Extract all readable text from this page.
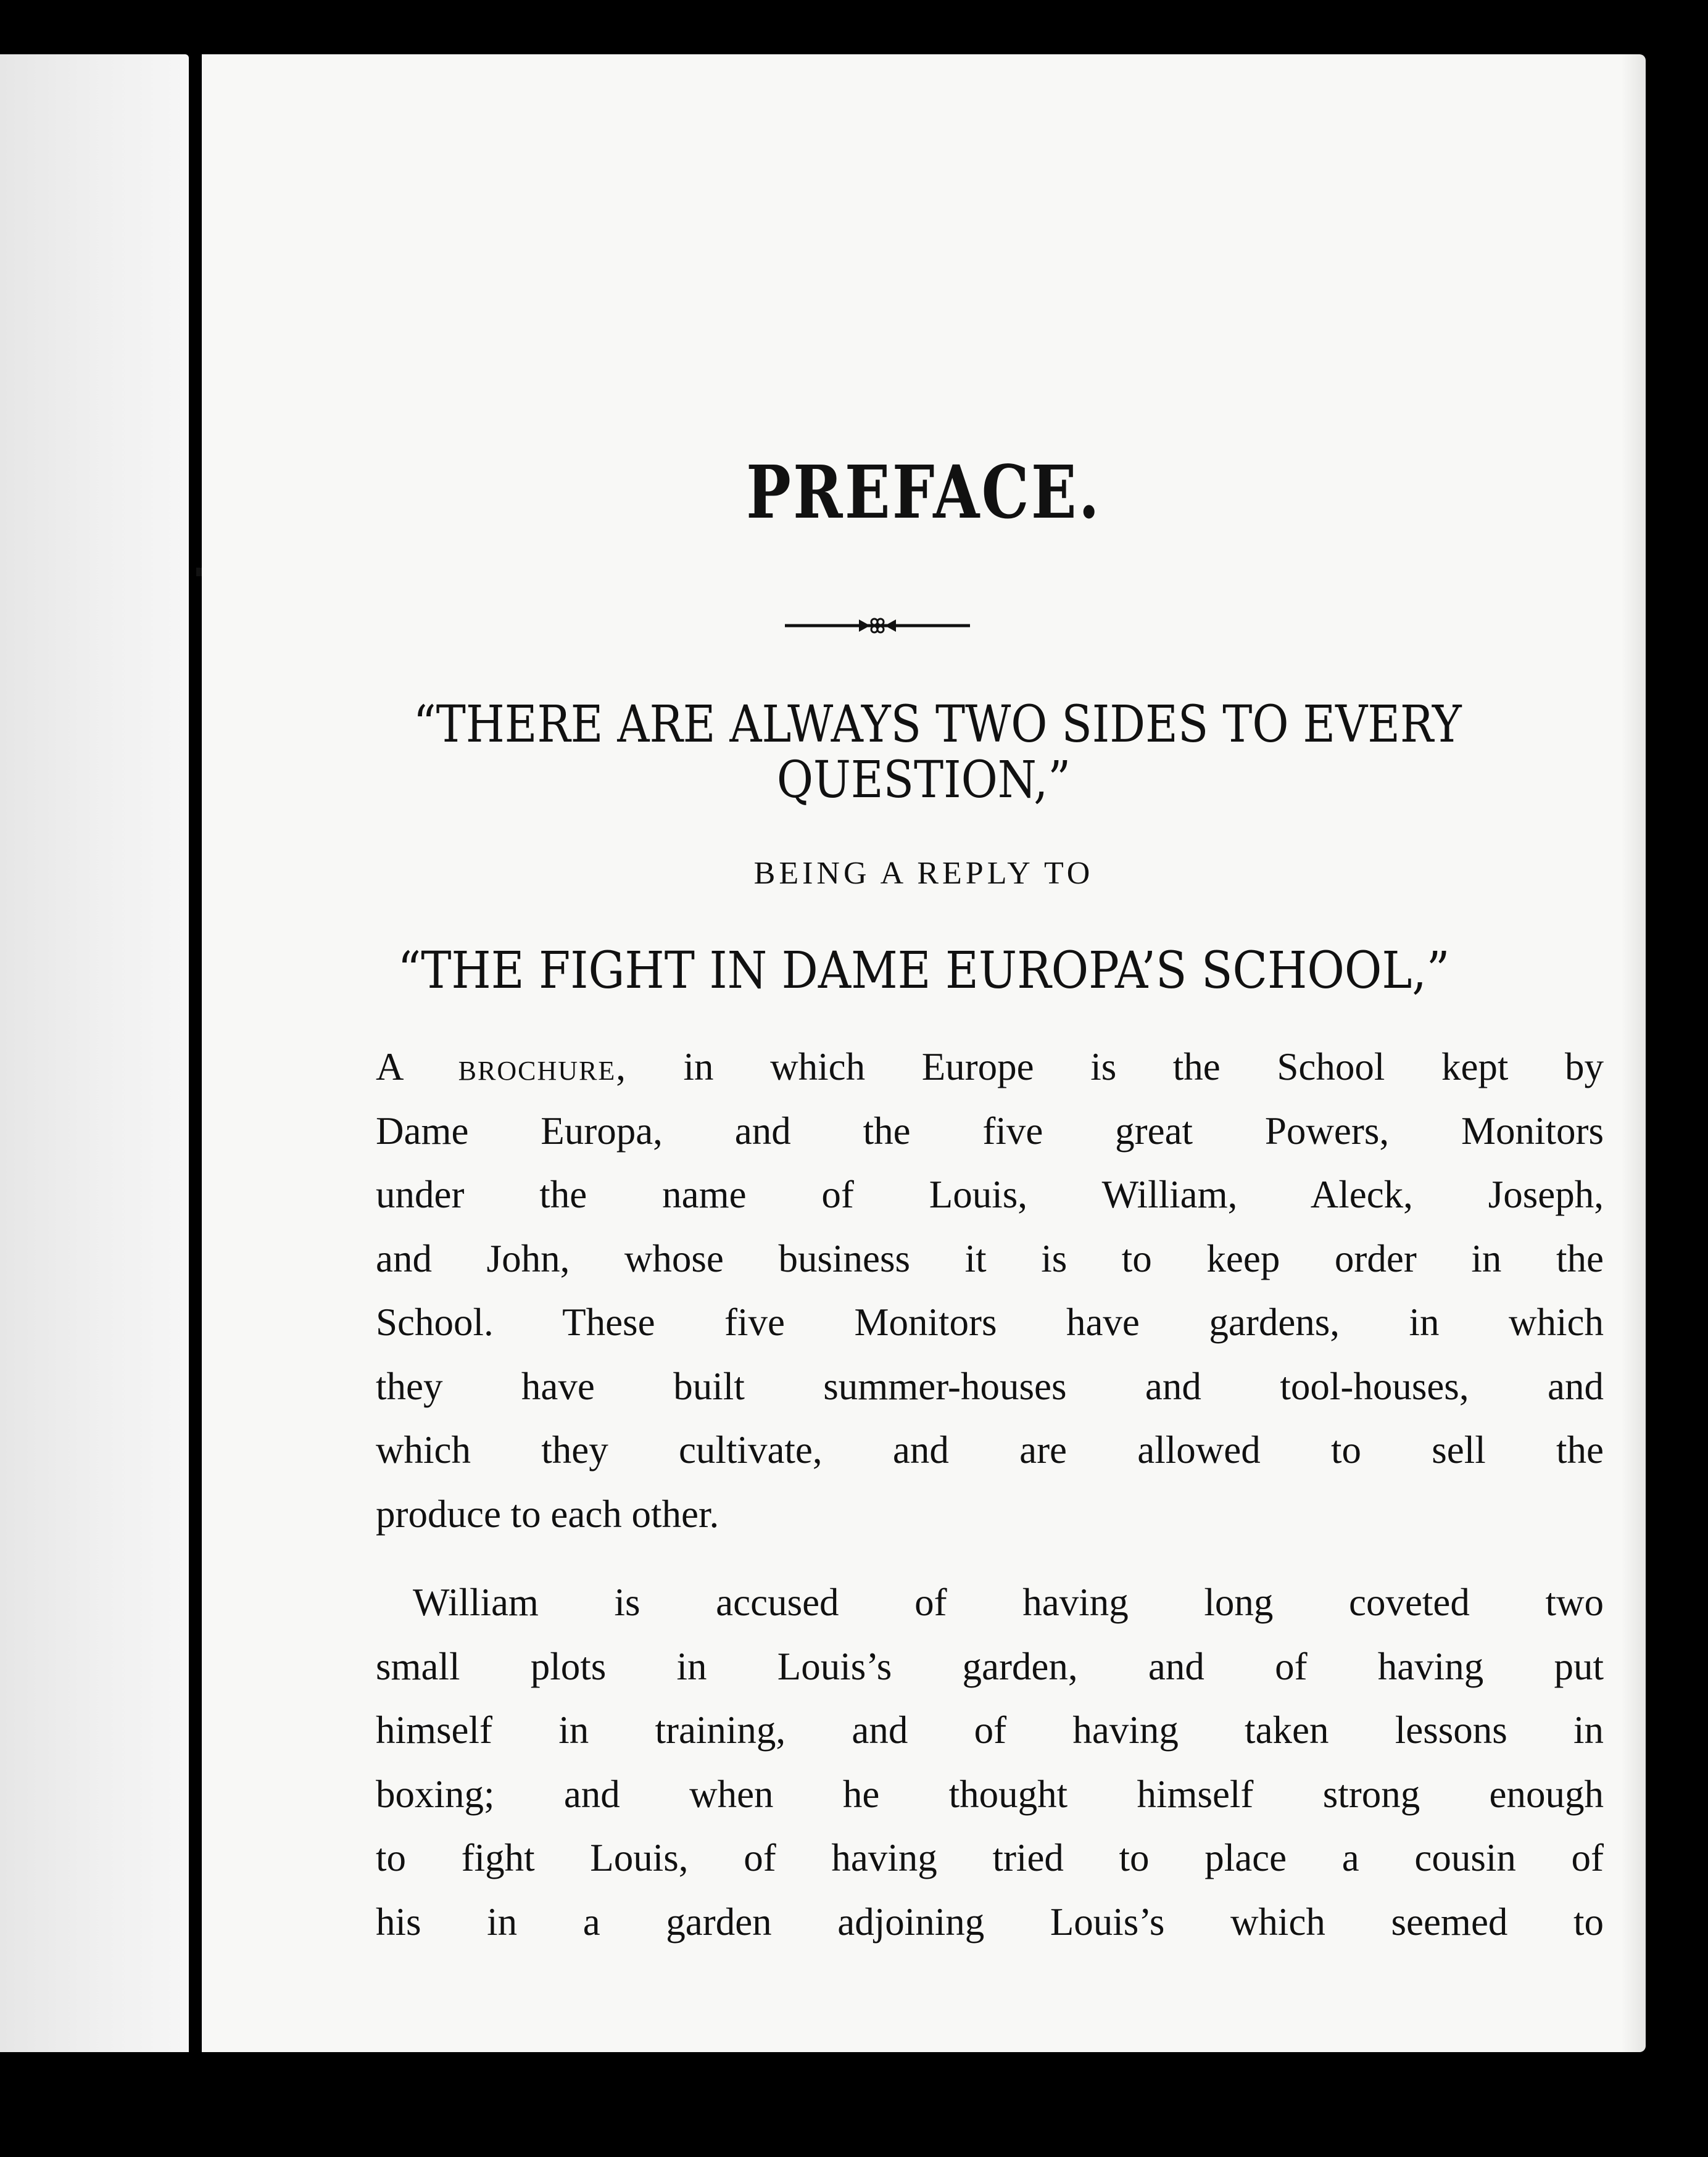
PREFACE.
“THERE ARE ALWAYS TWO SIDES TO EVERY
QUESTION,”
BEING A REPLY TO
“THE FIGHT IN DAME EUROPA’S SCHOOL,”
A brochure, in which Europe is the School kept by
Dame Europa, and the five great Powers, Monitors
under the name of Louis, William, Aleck, Joseph,
and John, whose business it is to keep order in the
School. These five Monitors have gardens, in which
they have built summer-houses and tool-houses, and
which they cultivate, and are allowed to sell the
produce to each other.
William is accused of having long coveted two
small plots in Louis’s garden, and of having put
himself in training, and of having taken lessons in
boxing; and when he thought himself strong enough
to fight Louis, of having tried to place a cousin of
his in a garden adjoining Louis’s which seemed to
